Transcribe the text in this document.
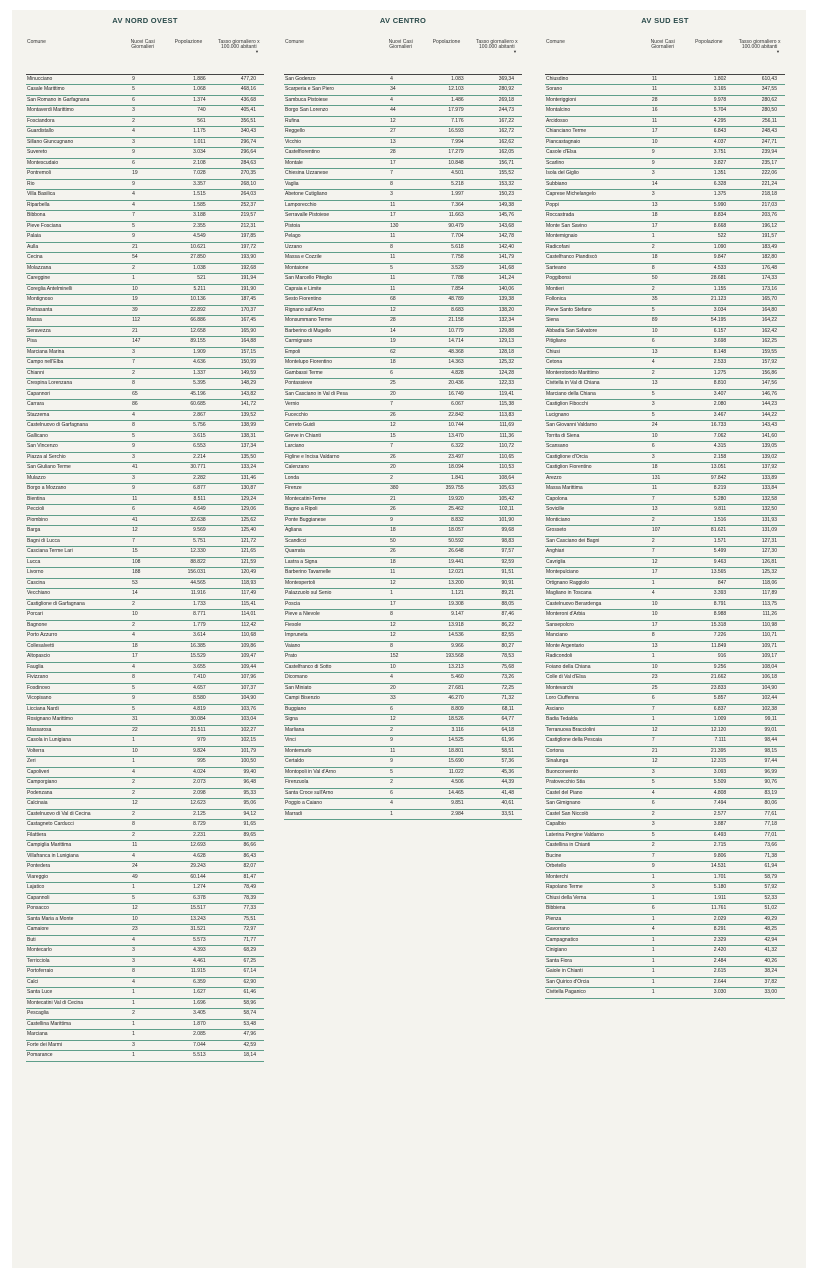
AV NORD OVEST
Comune	Nuovi Casi Giornalieri	Popolazione	Tasso giornaliero x 100.000 abitanti
▼

Minucciano	9	1.886	477,20
Casale Marittimo	5	1.068	468,16
San Romano in Garfagnana	6	1.374	436,68
Montaverdi Marittimo	3	740	405,41
Fosciandora	2	561	356,51
Guardistallo	4	1.175	340,43
Sillano Giuncugnano	3	1.011	296,74
Suvereto	9	3.034	296,64
Montescudaio	6	2.108	284,63
Pontremoli	19	7.028	270,35
Rio	9	3.357	268,10
Villa Basilica	4	1.515	264,03
Riparbella	4	1.585	252,37
Bibbona	7	3.188	219,57
Pieve Fosciana	5	2.355	212,31
Palaia	9	4.549	197,85
Aulla	21	10.621	197,72
Cecina	54	27.850	193,90
Molazzana	2	1.038	192,68
Careggine	1	521	191,94
Coreglia Antelminelli	10	5.211	191,90
Montignoso	19	10.136	187,45
Pietrasanta	39	22.892	170,37
Massa	112	66.886	167,45
Seravezza	21	12.658	165,90
Pisa	147	89.155	164,88
Marciana Marina	3	1.909	157,15
Campo nell'Elba	7	4.636	150,99
Chianni	2	1.337	149,59
Crespina Lorenzana	8	5.395	148,29
Capannori	65	45.196	143,82
Carrara	86	60.685	141,72
Stazzema	4	2.867	139,52
Castelnuovo di Garfagnana	8	5.756	138,99
Gallicano	5	3.615	138,31
San Vincenzo	9	6.553	137,34
Piazza al Serchio	3	2.214	135,50
San Giuliano Terme	41	30.771	133,24
Mulazzo	3	2.282	131,46
Borgo a Mozzano	9	6.877	130,87
Bientina	11	8.511	129,24
Peccioli	6	4.649	129,06
Piombino	41	32.638	125,62
Barga	12	9.569	125,40
Bagni di Lucca	7	5.751	121,72
Casciana Terme Lari	15	12.330	121,65
Lucca	108	88.822	121,59
Livorno	188	156.031	120,49
Cascina	53	44.565	118,93
Vecchiano	14	11.916	117,49
Castiglione di Garfagnana	2	1.733	115,41
Porcari	10	8.771	114,01
Bagnone	2	1.779	112,42
Porto Azzurro	4	3.614	110,68
Collesalvetti	18	16.385	109,86
Altopascio	17	15.529	109,47
Fauglia	4	3.655	109,44
Fivizzano	8	7.410	107,96
Fosdinovo	5	4.657	107,37
Vicopisano	9	8.580	104,90
Licciana Nardi	5	4.819	103,76
Rosignano Marittimo	31	30.084	103,04
Massarosa	22	21.511	102,27
Casola in Lunigiana	1	979	102,15
Volterra	10	9.824	101,79
Zeri	1	995	100,50
Capoliveri	4	4.024	99,40
Camporgiano	2	2.073	96,48
Podenzana	2	2.098	95,33
Calcinaia	12	12.623	95,06
Castelnuovo di Val di Cecina	2	2.125	94,12
Castagneto Carducci	8	8.729	91,65
Filattiera	2	2.231	89,65
Campiglia Marittima	11	12.693	86,66
Villafranca in Lunigiana	4	4.628	86,43
Pontedera	24	29.243	82,07
Viareggio	49	60.144	81,47
Lajatico	1	1.274	78,49
Capannoli	5	6.378	78,39
Ponsacco	12	15.517	77,33
Santa Maria a Monte	10	13.243	75,51
Camaiore	23	31.521	72,97
Buti	4	5.573	71,77
Montecarlo	3	4.393	68,29
Terricciola	3	4.461	67,25
Portoferraio	8	11.915	67,14
Calci	4	6.359	62,90
Santa Luce	1	1.627	61,46
Montecatini Val di Cecina	1	1.696	58,96
Pescaglia	2	3.405	58,74
Castellina Marittima	1	1.870	53,48
Marciana	1	2.085	47,96
Forte dei Marmi	3	7.044	42,59
Pomarance	1	5.513	18,14
AV CENTRO
Comune	Nuovi Casi Giornalieri	Popolazione	Tasso giornaliero x 100.000 abitanti
▼

San Godenzo	4	1.083	369,34
Scarperia e San Piero	34	12.103	280,92
Sambuca Pistoiese	4	1.486	269,18
Borgo San Lorenzo	44	17.979	244,73
Rufina	12	7.176	167,22
Reggello	27	16.593	162,72
Vicchio	13	7.994	162,62
Castelfiorentino	28	17.279	162,05
Montale	17	10.848	156,71
Chiesina Uzzanese	7	4.501	155,52
Vaglia	8	5.218	153,32
Abetone Cutigliano	3	1.997	150,23
Lamporecchio	11	7.364	149,38
Serravalle Pistoiese	17	11.663	145,76
Pistoia	130	90.479	143,68
Pelago	11	7.704	142,78
Uzzano	8	5.618	142,40
Massa e Cozzile	11	7.758	141,79
Montaione	5	3.529	141,68
San Marcello Piteglio	11	7.788	141,24
Capraia e Limite	11	7.854	140,06
Sesto Fiorentino	68	48.789	139,38
Rignano sull'Arno	12	8.683	138,20
Monsummano Terme	28	21.158	132,34
Barberino di Mugello	14	10.779	129,88
Carmignano	19	14.714	129,13
Empoli	62	48.368	128,18
Montelupo Fiorentino	18	14.363	125,32
Gambassi Terme	6	4.828	124,28
Pontassieve	25	20.436	122,33
San Casciano in Val di Pesa	20	16.749	119,41
Vernio	7	6.067	115,38
Fucecchio	26	22.842	113,83
Cerreto Guidi	12	10.744	111,69
Greve in Chianti	15	13.470	111,36
Larciano	7	6.322	110,72
Figline e Incisa Valdarno	26	23.497	110,65
Calenzano	20	18.094	110,53
Londa	2	1.841	108,64
Firenze	380	359.755	105,63
Montecatini-Terme	21	19.920	105,42
Bagno a Ripoli	26	25.462	102,11
Ponte Buggianese	9	8.832	101,90
Agliana	18	18.057	99,68
Scandicci	50	50.592	98,83
Quarrata	26	26.648	97,57
Lastra a Signa	18	19.441	92,59
Barberino Tavarnelle	11	12.021	91,51
Montespertoli	12	13.200	90,91
Palazzuolo sul Senio	1	1.121	89,21
Poscia	17	19.308	88,05
Pieve a Nievole	8	9.147	87,46
Fiesole	12	13.918	86,22
Impruneta	12	14.536	82,55
Vaiano	8	9.966	80,27
Prato	152	193.568	78,53
Castelfranco di Sotto	10	13.213	75,68
Dicomano	4	5.460	73,26
San Miniato	20	27.681	72,25
Campi Bisenzio	33	46.270	71,32
Buggiano	6	8.809	68,11
Signa	12	18.526	64,77
Marliana	2	3.116	64,18
Vinci	9	14.525	61,96
Montemurlo	11	18.801	58,51
Certaldo	9	15.690	57,36
Montopoli in Val d'Arno	5	11.022	45,36
Firenzuola	2	4.506	44,39
Santa Croce sull'Arno	6	14.465	41,48
Poggio a Caiano	4	9.851	40,61
Marradi	1	2.984	33,51
AV SUD EST
Comune	Nuovi Casi Giornalieri	Popolazione	Tasso giornaliero x 100.000 abitanti
▼

Chiusdino	11	1.802	610,43
Sorano	11	3.165	347,55
Monteriggioni	28	9.978	280,62
Montalcino	16	5.704	280,50
Arcidosso	11	4.295	256,11
Chianciano Terme	17	6.843	248,43
Piancastagnaio	10	4.037	247,71
Casole d'Elsa	9	3.751	239,94
Scarlino	9	3.827	235,17
Isola del Giglio	3	1.351	222,06
Subbiano	14	6.328	221,24
Caprese Michelangelo	3	1.375	218,18
Poppi	13	5.990	217,03
Roccastrada	18	8.834	203,76
Monte San Savino	17	8.668	196,12
Montemignaio	1	522	191,57
Radicofani	2	1.090	183,49
Castelfranco Piandiscò	18	9.847	182,80
Sarteano	8	4.533	176,48
Poggibonsi	50	28.681	174,33
Montieri	2	1.155	173,16
Follonica	35	21.123	165,70
Pieve Santo Stefano	5	3.034	164,80
Siena	89	54.195	164,22
Abbadia San Salvatore	10	6.157	162,42
Pitigliano	6	3.698	162,25
Chiusi	13	8.148	159,55
Cetona	4	2.533	157,92
Monterotondo Marittimo	2	1.275	156,86
Civitella in Val di Chiana	13	8.810	147,56
Marciano della Chiana	5	3.407	146,76
Castiglion Fibocchi	3	2.080	144,23
Lucignano	5	3.467	144,22
San Giovanni Valdarno	24	16.733	143,43
Torrita di Siena	10	7.062	141,60
Scansano	6	4.315	139,05
Castiglione d'Orcia	3	2.158	139,02
Castiglion Fiorentino	18	13.051	137,92
Arezzo	131	97.842	133,89
Massa Marittima	11	8.219	133,84
Capolona	7	5.280	132,58
Sovicille	13	9.811	132,50
Monticiano	2	1.516	131,93
Grosseto	107	81.621	131,09
San Casciano dei Bagni	2	1.571	127,31
Anghiari	7	5.499	127,30
Cavriglia	12	9.463	126,81
Montepulciano	17	13.565	125,32
Ortignano Raggiolo	1	847	118,06
Magliano in Toscana	4	3.393	117,89
Castelnuovo Berardenga	10	8.791	113,75
Monteroni d'Arbia	10	8.988	111,26
Sansepolcro	17	15.318	110,98
Manciano	8	7.226	110,71
Monte Argentario	13	11.849	109,71
Radicondoli	1	916	109,17
Foiano della Chiana	10	9.256	108,04
Colle di Val d'Elsa	23	21.662	106,18
Montevarchi	25	23.833	104,90
Loro Ciuffenna	6	5.857	102,44
Asciano	7	6.837	102,38
Badia Tedalda	1	1.009	99,11
Terranuova Bracciolini	12	12.120	99,01
Castiglione della Pescaia	7	7.111	98,44
Cortona	21	21.395	98,15
Sinalunga	12	12.315	97,44
Buonconvento	3	3.093	96,99
Pratovecchio Stia	5	5.509	90,76
Castel del Piano	4	4.808	83,19
San Gimignano	6	7.494	80,06
Castel San Niccolò	2	2.577	77,61
Capalbio	3	3.887	77,18
Laterina Pergine Valdarno	5	6.493	77,01
Castellina in Chianti	2	2.715	73,66
Bucine	7	9.806	71,38
Orbetello	9	14.531	61,94
Monterchi	1	1.701	58,79
Rapolano Terme	3	5.180	57,92
Chiusi della Verna	1	1.911	52,33
Bibbiena	6	11.761	51,02
Pienza	1	2.029	49,29
Gavorrano	4	8.291	48,25
Campagnatico	1	2.329	42,94
Cinigiano	1	2.420	41,32
Santa Fiora	1	2.484	40,26
Gaiole in Chianti	1	2.615	38,24
San Quirico d'Orcia	1	2.644	37,82
Civitella Paganico	1	3.030	33,00
